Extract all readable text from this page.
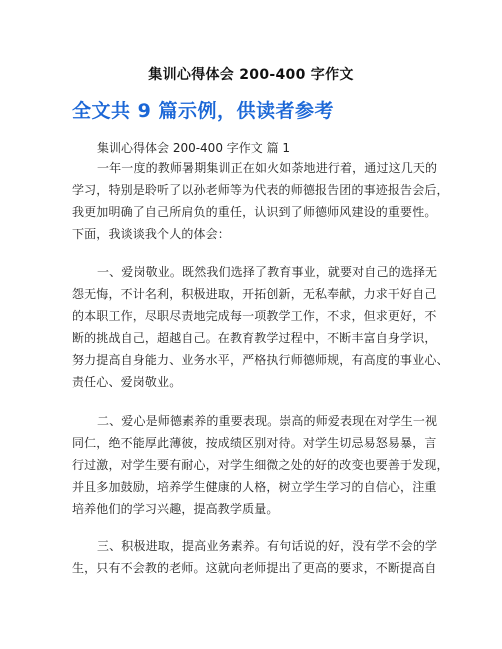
集训心得体会 200-400 字作文
全文共 9 篇示例，供读者参考
集训心得体会 200-400 字作文 篇 1
一年一度的教师暑期集训正在如火如荼地进行着，通过这几天的
学习，特别是聆听了以孙老师等为代表的师德报告团的事迹报告会后，
我更加明确了自己所肩负的重任，认识到了师德师风建设的重要性。
下面，我谈谈我个人的体会：
一、爱岗敬业。既然我们选择了教育事业，就要对自己的选择无
怨无悔，不计名利，积极进取，开拓创新，无私奉献，力求干好自己
的本职工作，尽职尽责地完成每一项教学工作，不求，但求更好，不
断的挑战自己，超越自己。在教育教学过程中，不断丰富自身学识，
努力提高自身能力、业务水平，严格执行师德师规，有高度的事业心、
责任心、爱岗敬业。
二、爱心是师德素养的重要表现。崇高的师爱表现在对学生一视
同仁，绝不能厚此薄彼，按成绩区别对待。对学生切忌易怒易暴，言
行过激，对学生要有耐心，对学生细微之处的好的改变也要善于发现，
并且多加鼓励，培养学生健康的人格，树立学生学习的自信心，注重
培养他们的学习兴趣，提高教学质量。
三、积极进取，提高业务素养。有句话说的好，没有学不会的学
生，只有不会教的老师。这就向老师提出了更高的要求，不断提高自
